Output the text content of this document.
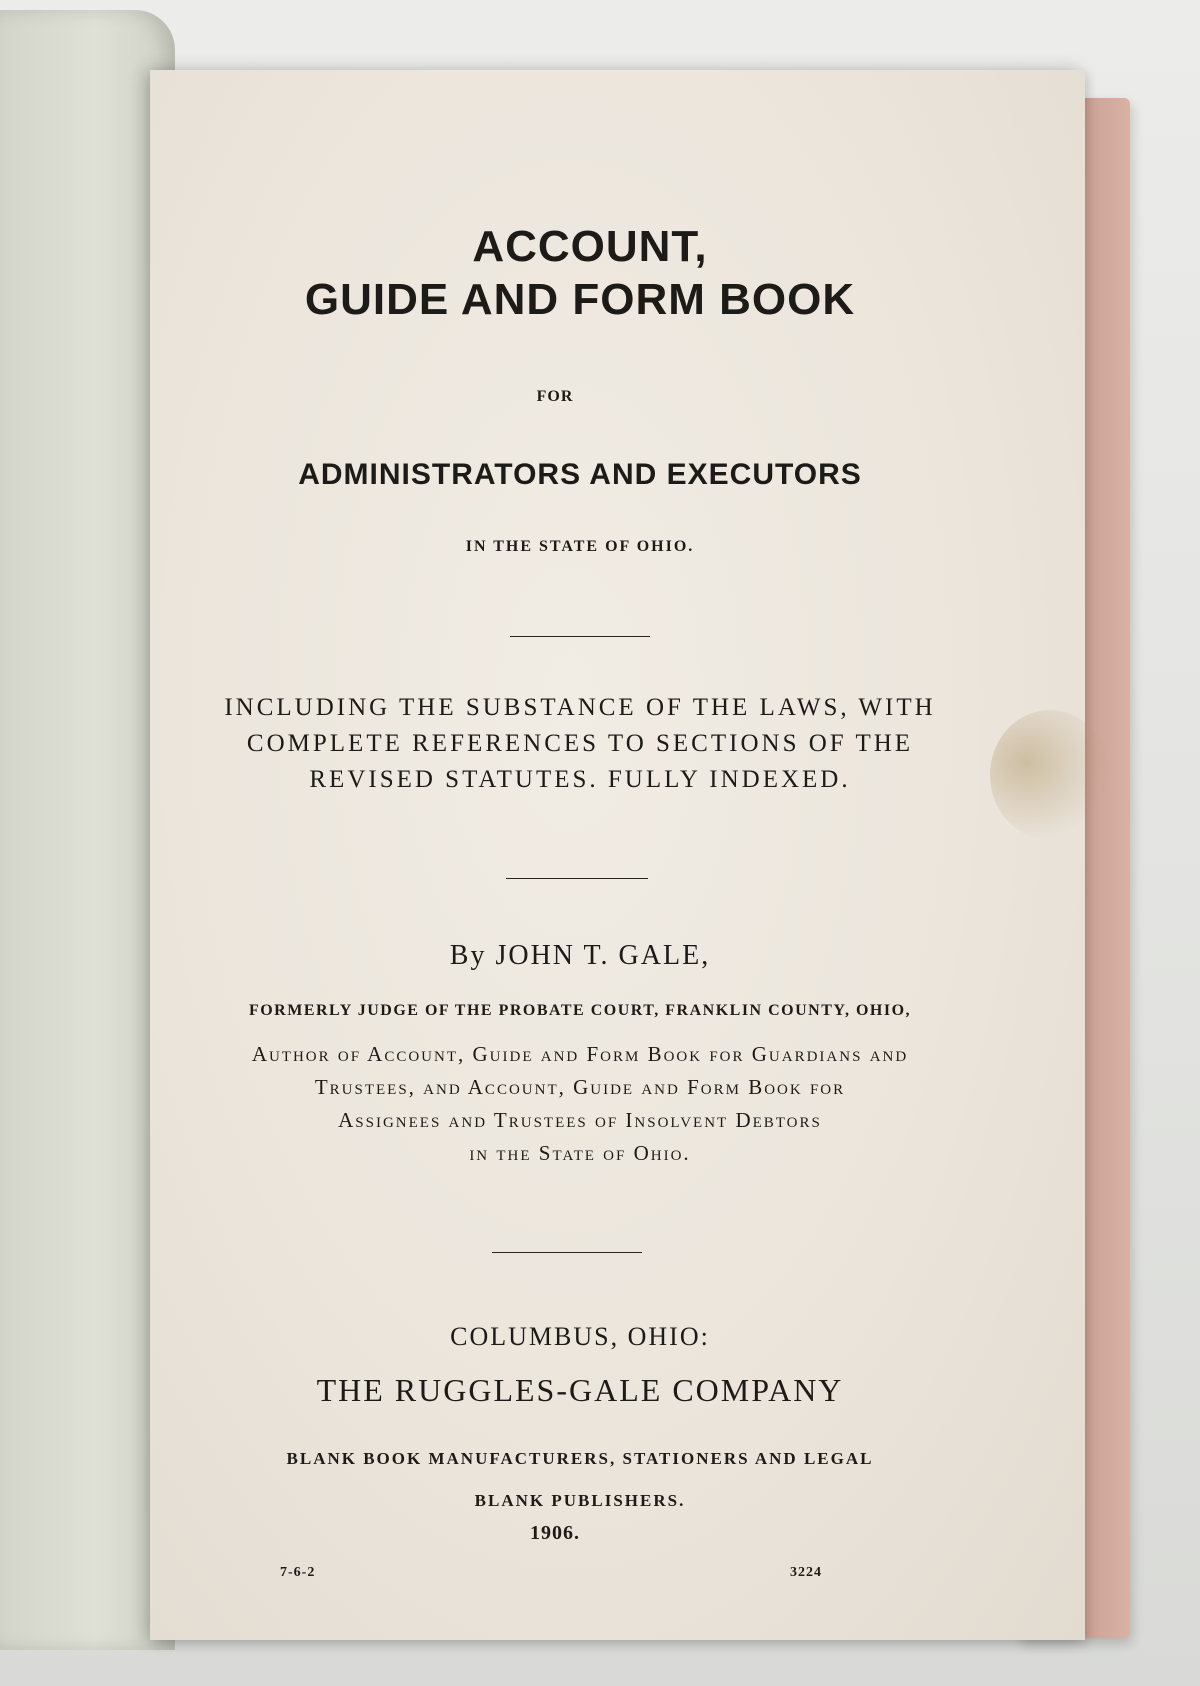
ACCOUNT,

GUIDE AND FORM BOOK

FOR

ADMINISTRATORS AND EXECUTORS

IN THE STATE OF OHIO.
INCLUDING THE SUBSTANCE OF THE LAWS, WITH
COMPLETE REFERENCES TO SECTIONS OF THE
REVISED STATUTES. FULLY INDEXED.
By JOHN T. GALE,
FORMERLY JUDGE OF THE PROBATE COURT, FRANKLIN COUNTY, OHIO,
Author of Account, Guide and Form Book for Guardians and
Trustees, and Account, Guide and Form Book for
Assignees and Trustees of Insolvent Debtors
in the State of Ohio.
COLUMBUS, OHIO:
THE RUGGLES-GALE COMPANY
BLANK BOOK MANUFACTURERS, STATIONERS AND LEGAL
BLANK PUBLISHERS.
1906.
7-6-2	3224
